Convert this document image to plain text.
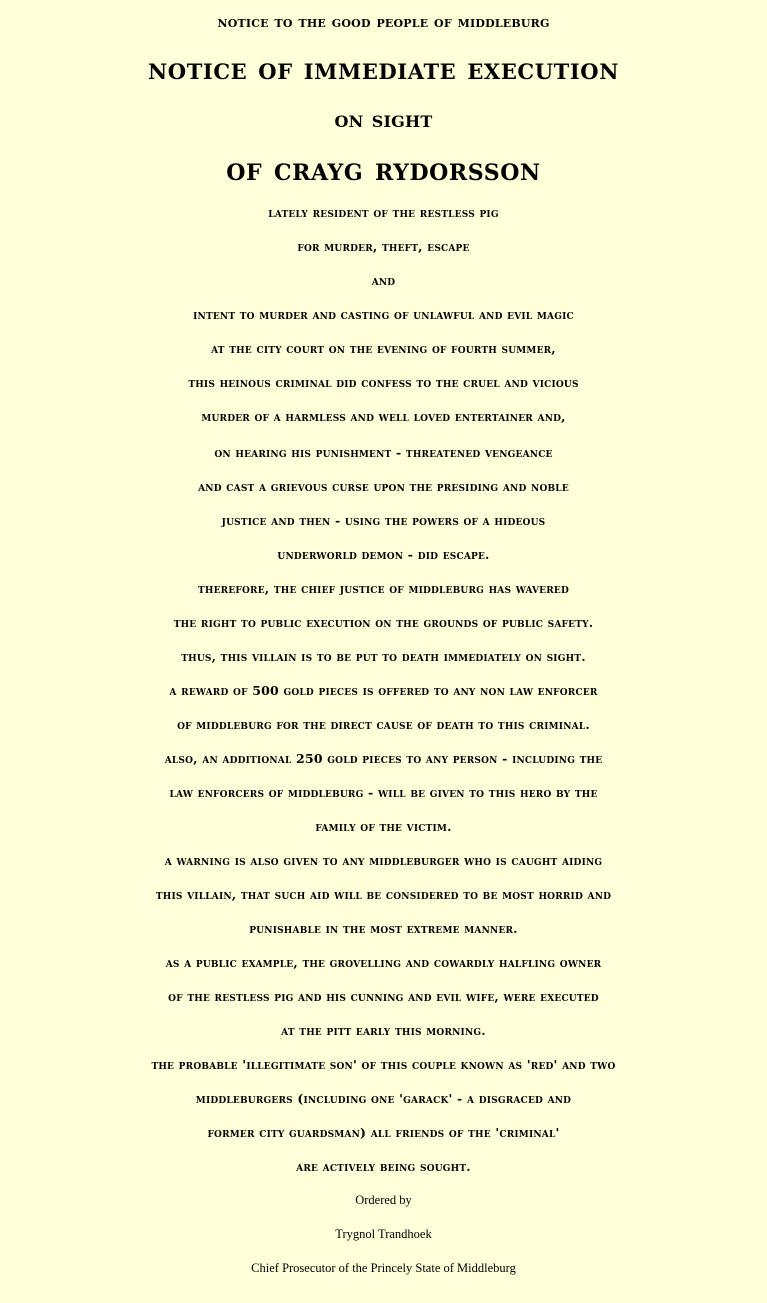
notice to the good people of middleburg

notice of immediate execution

on sight

of crayg rydorsson

lately resident of the restless pig

for murder, theft, escape

and

intent to murder and casting of unlawful and evil magic

at the city court on the evening of fourth summer,

this heinous criminal did confess to the cruel and vicious

murder of a harmless and well loved entertainer and,

on hearing his punishment - threatened vengeance

and cast a grievous curse upon the presiding and noble

justice and then - using the powers of a hideous

underworld demon - did escape.

therefore, the chief justice of middleburg has wavered

the right to public execution on the grounds of public safety.

thus, this villain is to be put to death immediately on sight.

a reward of 500 gold pieces is offered to any non law enforcer

of middleburg for the direct cause of death to this criminal.

also, an additional 250 gold pieces to any person - including the

law enforcers of middleburg - will be given to this hero by the

family of the victim.

a warning is also given to any middleburger who is caught aiding

this villain, that such aid will be considered to be most horrid and

punishable in the most extreme manner.

as a public example, the grovelling and cowardly halfling owner

of the restless pig and his cunning and evil wife, were executed

at the pitt early this morning.

the probable 'illegitimate son' of this couple known as 'red' and two

middleburgers (including one 'garack' - a disgraced and

former city guardsman) all friends of the 'criminal'

are actively being sought.

Ordered by

Trygnol Trandhoek

Chief Prosecutor of the Princely State of Middleburg
